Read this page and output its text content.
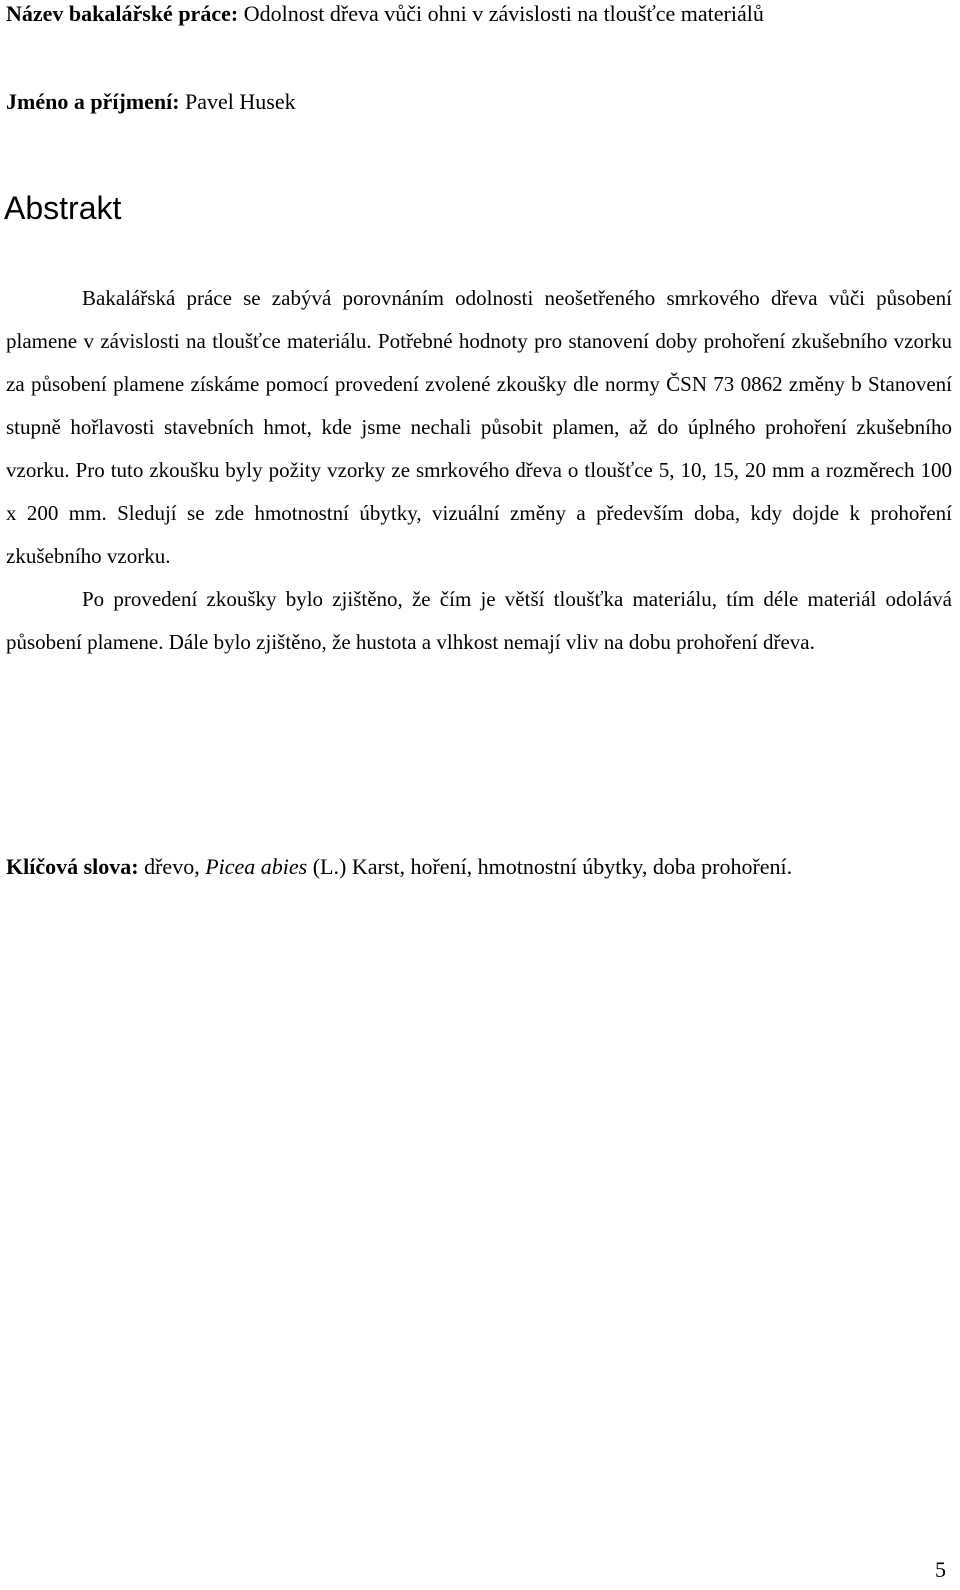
Název bakalářské práce: Odolnost dřeva vůči ohni v závislosti na tloušťce materiálů
Jméno a příjmení: Pavel Husek
Abstrakt

Bakalářská práce se zabývá porovnáním odolnosti neošetřeného smrkového dřeva vůči působení plamene v závislosti na tloušťce materiálu. Potřebné hodnoty pro stanovení doby prohoření zkušebního vzorku za působení plamene získáme pomocí provedení zvolené zkoušky dle normy ČSN 73 0862 změny b Stanovení stupně hořlavosti stavebních hmot, kde jsme nechali působit plamen, až do úplného prohoření zkušebního vzorku. Pro tuto zkoušku byly požity vzorky ze smrkového dřeva o tloušťce 5, 10, 15, 20 mm a rozměrech 100 x 200 mm. Sledují se zde hmotnostní úbytky, vizuální změny a především doba, kdy dojde k prohoření zkušebního vzorku.

Po provedení zkoušky bylo zjištěno, že čím je větší tloušťka materiálu, tím déle materiál odolává působení plamene. Dále bylo zjištěno, že hustota a vlhkost nemají vliv na dobu prohoření dřeva.

Klíčová slova: dřevo, Picea abies (L.) Karst, hoření, hmotnostní úbytky, doba prohoření.
5
